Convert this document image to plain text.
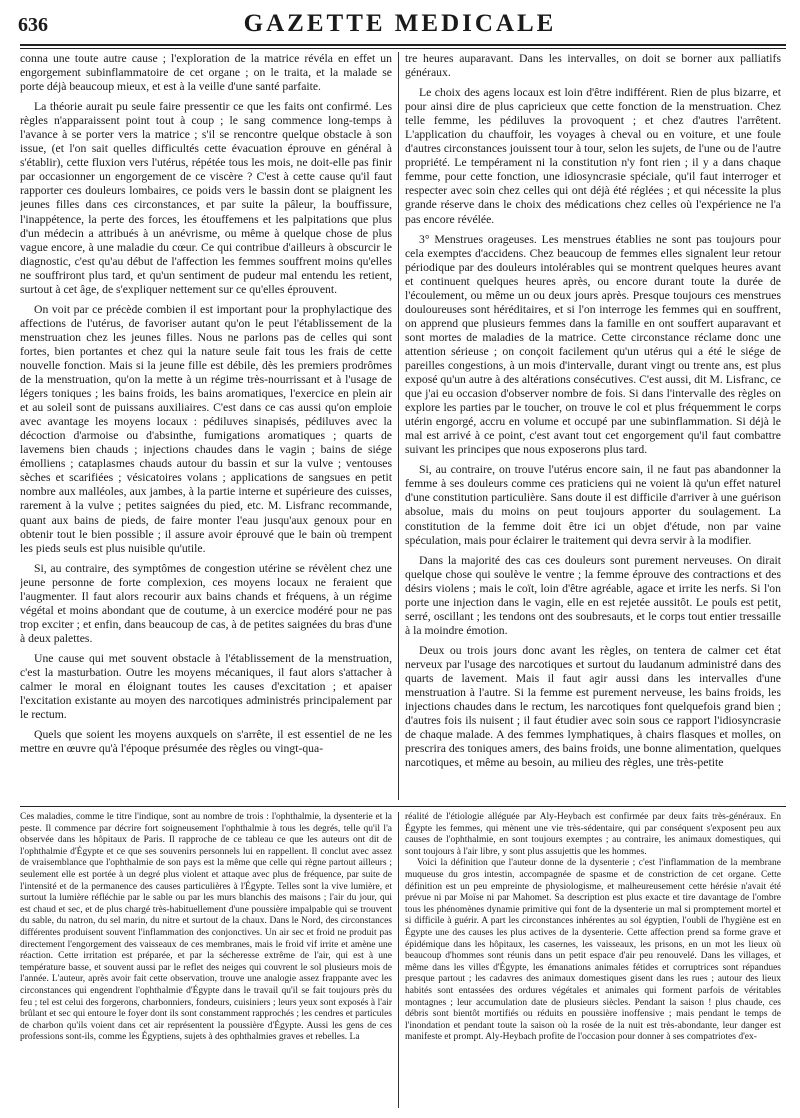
636	GAZETTE MEDICALE

conna une toute autre cause ; l'exploration de la matrice révéla en effet un engorgement subinflammatoire de cet organe ; on le traita, et la malade se porte déjà beaucoup mieux, et est à la veille d'une santé parfaite.

La théorie aurait pu seule faire pressentir ce que les faits ont confirmé. Les règles n'apparaissent point tout à coup ; le sang commence long-temps à l'avance à se porter vers la matrice ; s'il se rencontre quelque obstacle à son issue, (et l'on sait quelles difficultés cette évacuation éprouve en général à s'établir), cette fluxion vers l'utérus, répétée tous les mois, ne doit-elle pas finir par occasionner un engorgement de ce viscère ? C'est à cette cause qu'il faut rapporter ces douleurs lombaires, ce poids vers le bassin dont se plaignent les jeunes filles dans ces circonstances, et par suite la pâleur, la bouffissure, l'inappétence, la perte des forces, les étouffemens et les palpitations que plus d'un médecin a attribués à un anévrisme, ou même à quelque chose de plus vague encore, à une maladie du cœur. Ce qui contribue d'ailleurs à obscurcir le diagnostic, c'est qu'au début de l'affection les femmes souffrent moins qu'elles ne souffriront plus tard, et qu'un sentiment de pudeur mal entendu les retient, surtout à cet âge, de s'expliquer nettement sur ce qu'elles éprouvent.

On voit par ce précède combien il est important pour la prophylactique des affections de l'utérus, de favoriser autant qu'on le peut l'établissement de la menstruation chez les jeunes filles. Nous ne parlons pas de celles qui sont fortes, bien portantes et chez qui la nature seule fait tous les frais de cette nouvelle fonction. Mais si la jeune fille est débile, dès les premiers prodrômes de la menstruation, qu'on la mette à un régime très-nourrissant et à l'usage de légers toniques ; les bains froids, les bains aromatiques, l'exercice en plein air et au soleil sont de puissans auxiliaires. C'est dans ce cas aussi qu'on emploie avec avantage les moyens locaux : pédiluves sinapisés, pédiluves avec la décoction d'armoise ou d'absinthe, fumigations aromatiques ; quarts de lavemens bien chauds ; injections chaudes dans le vagin ; bains de siége émolliens ; cataplasmes chauds autour du bassin et sur la vulve ; ventouses sèches et scarifiées ; vésicatoires volans ; applications de sangsues en petit nombre aux malléoles, aux jambes, à la partie interne et supérieure des cuisses, rarement à la vulve ; petites saignées du pied, etc. M. Lisfranc recommande, quant aux bains de pieds, de faire monter l'eau jusqu'aux genoux pour en obtenir tout le bien possible ; il assure avoir éprouvé que le bain où trempent les pieds seuls est plus nuisible qu'utile.

Si, au contraire, des symptômes de congestion utérine se révèlent chez une jeune personne de forte complexion, ces moyens locaux ne feraient que l'augmenter. Il faut alors recourir aux bains chands et fréquens, à un régime végétal et moins abondant que de coutume, à un exercice modéré pour ne pas trop exciter ; et enfin, dans beaucoup de cas, à de petites saignées du bras d'une à deux palettes.

Une cause qui met souvent obstacle à l'établissement de la menstruation, c'est la masturbation. Outre les moyens mécaniques, il faut alors s'attacher à calmer le moral en éloignant toutes les causes d'excitation ; et apaiser l'excitation existante au moyen des narcotiques administrés principalement par le rectum.

Quels que soient les moyens auxquels on s'arrête, il est essentiel de ne les mettre en œuvre qu'à l'époque présumée des règles ou vingt-qua-

tre heures auparavant. Dans les intervalles, on doit se borner aux palliatifs généraux.

Le choix des agens locaux est loin d'être indifférent. Rien de plus bizarre, et pour ainsi dire de plus capricieux que cette fonction de la menstruation. Chez telle femme, les pédiluves la provoquent ; et chez d'autres l'arrêtent. L'application du chauffoir, les voyages à cheval ou en voiture, et une foule d'autres circonstances jouissent tour à tour, selon les sujets, de l'une ou de l'autre propriété. Le tempérament ni la constitution n'y font rien ; il y a dans chaque femme, pour cette fonction, une idiosyncrasie spéciale, qu'il faut interroger et respecter avec soin chez celles qui ont déjà été réglées ; et qui nécessite la plus grande réserve dans le choix des médications chez celles où l'expérience ne l'a pas encore révélée.

3° Menstrues orageuses. Les menstrues établies ne sont pas toujours pour cela exemptes d'accidens. Chez beaucoup de femmes elles signalent leur retour périodique par des douleurs intolérables qui se montrent quelques heures avant et continuent quelques heures après, ou encore durant toute la durée de l'écoulement, ou même un ou deux jours après. Presque toujours ces menstrues douloureuses sont héréditaires, et si l'on interroge les femmes qui en souffrent, on apprend que plusieurs femmes dans la famille en ont souffert auparavant et sont mortes de maladies de la matrice. Cette circonstance réclame donc une attention sérieuse ; on conçoit facilement qu'un utérus qui a été le siége de pareilles congestions, à un mois d'intervalle, durant vingt ou trente ans, est plus exposé qu'un autre à des altérations consécutives. C'est aussi, dit M. Lisfranc, ce que j'ai eu occasion d'observer nombre de fois. Si dans l'intervalle des règles on explore les parties par le toucher, on trouve le col et plus fréquemment le corps utérin engorgé, accru en volume et occupé par une subinflammation. Si déjà le mal est arrivé à ce point, c'est avant tout cet engorgement qu'il faut combattre suivant les principes que nous exposerons plus tard.

Si, au contraire, on trouve l'utérus encore sain, il ne faut pas abandonner la femme à ses douleurs comme ces praticiens qui ne voient là qu'un effet naturel d'une constitution particulière. Sans doute il est difficile d'arriver à une guérison absolue, mais du moins on peut toujours apporter du soulagement. La constitution de la femme doit être ici un objet d'étude, non par vaine spéculation, mais pour éclairer le traitement qui devra servir à la modifier.

Dans la majorité des cas ces douleurs sont purement nerveuses. On dirait quelque chose qui soulève le ventre ; la femme éprouve des contractions et des désirs violens ; mais le coït, loin d'être agréable, agace et irrite les nerfs. Si l'on porte une injection dans le vagin, elle en est rejetée aussitôt. Le pouls est petit, serré, oscillant ; les tendons ont des soubresauts, et le corps tout entier tressaille à la moindre émotion.

Deux ou trois jours donc avant les règles, on tentera de calmer cet état nerveux par l'usage des narcotiques et surtout du laudanum administré dans des quarts de lavement. Mais il faut agir aussi dans les intervalles d'une menstruation à l'autre. Si la femme est purement nerveuse, les bains froids, les injections chaudes dans le rectum, les narcotiques font quelquefois grand bien ; d'autres fois ils nuisent ; il faut étudier avec soin sous ce rapport l'idiosyncrasie de chaque malade. A des femmes lymphatiques, à chairs flasques et molles, on prescrira des toniques amers, des bains froids, une bonne alimentation, quelques narcotiques, et même au besoin, au milieu des règles, une très-petite

Ces maladies, comme le titre l'indique, sont au nombre de trois : l'ophthalmie, la dysenterie et la peste. Il commence par décrire fort soigneusement l'ophthalmie à tous les degrés, telle qu'il l'a observée dans les hôpitaux de Paris. Il rapproche de ce tableau ce que les auteurs ont dit de l'ophthalmie d'Égypte et ce que ses souvenirs personnels lui en rappellent. Il conclut avec assez de vraisemblance que l'ophthalmie de son pays est la même que celle qui règne partout ailleurs ; seulement elle est portée à un degré plus violent et attaque avec plus de fréquence, par suite de l'intensité et de la permanence des causes particulières à l'Égypte. Telles sont la vive lumière, et surtout la lumière réfléchie par le sable ou par les murs blanchis des maisons ; l'air du jour, qui est chaud et sec, et de plus chargé très-habituellement d'une poussière impalpable qui se trouvent du sable, du natron, du sel marin, du nitre et surtout de la chaux. Dans le Nord, des circonstances différentes produisent souvent l'inflammation des conjonctives. Un air sec et froid ne produit pas directement l'engorgement des vaisseaux de ces membranes, mais le froid vif irrite et amène une réaction. Cette irritation est préparée, et par la sécheresse extrême de l'air, qui est à une température basse, et souvent aussi par le reflet des neiges qui couvrent le sol plusieurs mois de l'année. L'auteur, après avoir fait cette observation, trouve une analogie assez frappante avec les circonstances qui engendrent l'ophthalmie d'Égypte dans le travail qu'il se fait toujours près du feu ; tel est celui des forgerons, charbonniers, fondeurs, cuisiniers ; leurs yeux sont exposés à l'air brûlant et sec qui entoure le foyer dont ils sont constamment rapprochés ; les cendres et particules de charbon qu'ils voient dans cet air représentent la poussière d'Égypte. Aussi les gens de ces professions sont-ils, comme les Égyptiens, sujets à des ophthalmies graves et rebelles. La

réalité de l'étiologie alléguée par Aly-Heybach est confirmée par deux faits très-généraux. En Égypte les femmes, qui mènent une vie très-sédentaire, qui par conséquent s'exposent peu aux causes de l'ophthalmie, en sont toujours exemptes ; au contraire, les animaux domestiques, qui sont toujours à l'air libre, y sont plus assujettis que les hommes.

Voici la définition que l'auteur donne de la dysenterie ; c'est l'inflammation de la membrane muqueuse du gros intestin, accompagnée de spasme et de constriction de cet organe. Cette définition est un peu empreinte de physiologisme, et malheureusement cette hérésie n'avait été prévue ni par Moïse ni par Mahomet. Sa description est plus exacte et tire davantage de l'ombre tous les phénomènes dynamie primitive qui font de la dysenterie un mal si promptement mortel et si difficile à guérir. A part les circonstances inhérentes au sol égyptien, l'oubli de l'hygiène est en Égypte une des causes les plus actives de la dysenterie. Cette affection prend sa forme grave et épidémique dans les hôpitaux, les casernes, les vaisseaux, les prisons, en un mot les lieux où beaucoup d'hommes sont réunis dans un petit espace d'air peu renouvelé. Dans les villages, et même dans les villes d'Égypte, les émanations animales fétides et corruptrices sont répandues presque partout ; les cadavres des animaux domestiques gisent dans les rues ; autour des lieux habités sont entassées des ordures végétales et animales qui forment parfois de véritables montagnes ; leur accumulation date de plusieurs siècles. Pendant la saison ! plus chaude, ces débris sont bientôt mortifiés ou réduits en poussière inoffensive ; mais pendant le temps de l'inondation et pendant toute la saison où la rosée de la nuit est très-abondante, leur danger est manifeste et prompt. Aly-Heybach profite de l'occasion pour donner à ses compatriotes d'ex-
